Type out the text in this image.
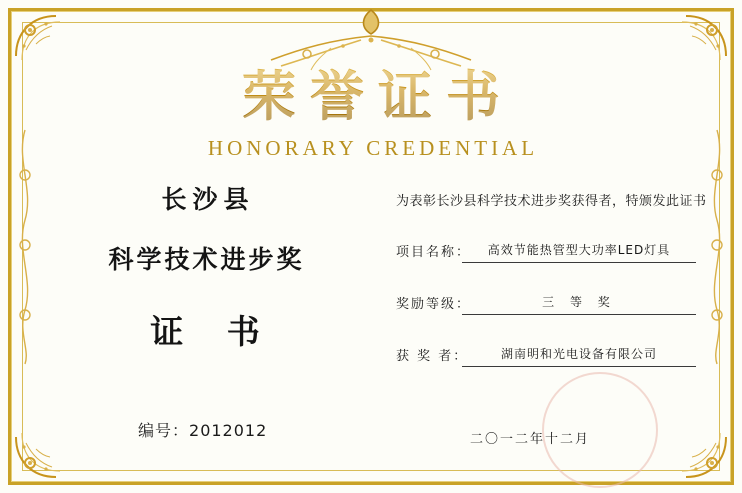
荣誉证书
HONORARY CREDENTIAL
长沙县
科学技术进步奖
证 书
编号：2012012
为表彰长沙县科学技术进步奖获得者，特颁发此证书
项目名称：	高效节能热管型大功率LED灯具
奖励等级：	三 等 奖
获 奖 者：	湖南明和光电设备有限公司
二〇一二年十二月
